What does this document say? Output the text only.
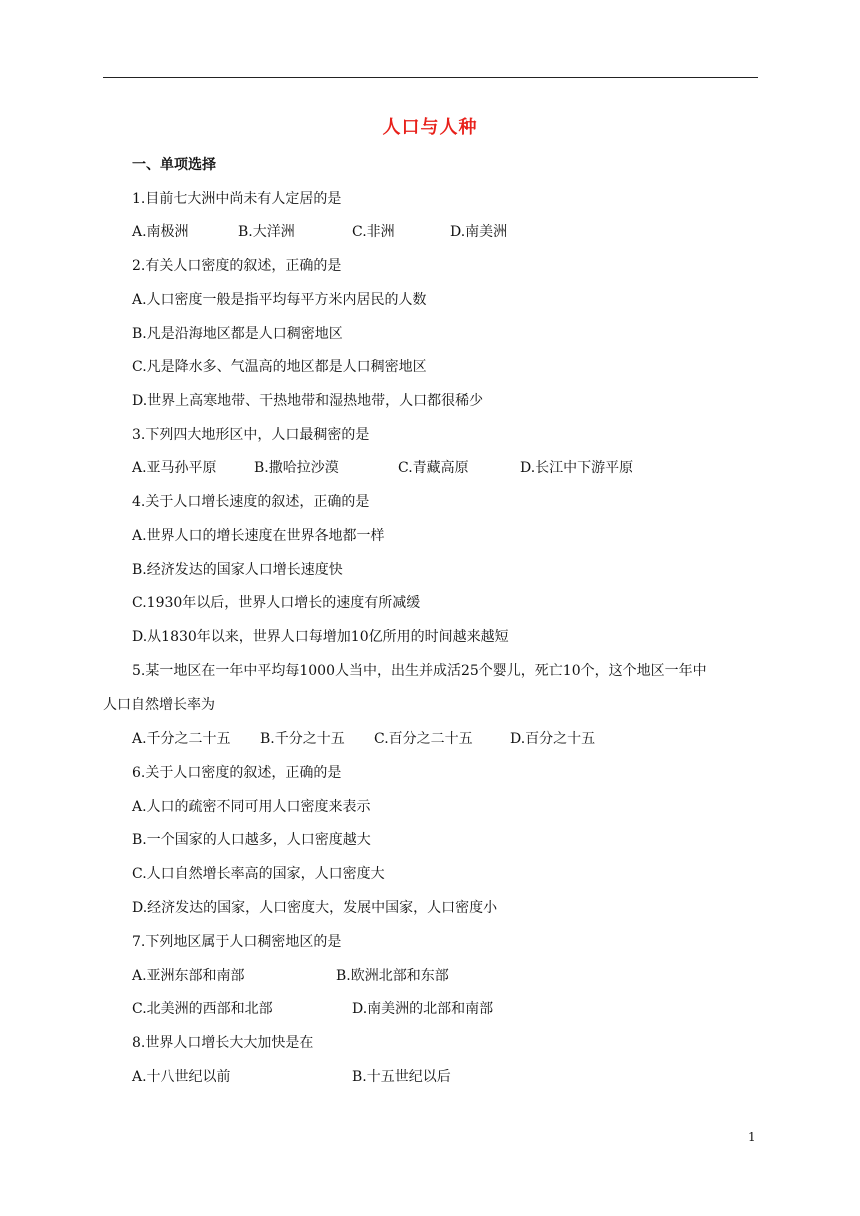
人口与人种
一、单项选择
1.目前七大洲中尚未有人定居的是
A.南极洲	B.大洋洲	C.非洲	D.南美洲
2.有关人口密度的叙述，正确的是
A.人口密度一般是指平均每平方米内居民的人数
B.凡是沿海地区都是人口稠密地区
C.凡是降水多、气温高的地区都是人口稠密地区
D.世界上高寒地带、干热地带和湿热地带，人口都很稀少
3.下列四大地形区中，人口最稠密的是
A.亚马孙平原	B.撒哈拉沙漠	C.青藏高原	D.长江中下游平原
4.关于人口增长速度的叙述，正确的是
A.世界人口的增长速度在世界各地都一样
B.经济发达的国家人口增长速度快
C.1930年以后，世界人口增长的速度有所减缓
D.从1830年以来，世界人口每增加10亿所用的时间越来越短
5.某一地区在一年中平均每1000人当中，出生并成活25个婴儿，死亡10个，这个地区一年中
人口自然增长率为
A.千分之二十五 B.千分之十五 C.百分之二十五	D.百分之十五
6.关于人口密度的叙述，正确的是
A.人口的疏密不同可用人口密度来表示
B.一个国家的人口越多，人口密度越大
C.人口自然增长率高的国家，人口密度大
D.经济发达的国家，人口密度大，发展中国家，人口密度小
7.下列地区属于人口稠密地区的是
A.亚洲东部和南部	B.欧洲北部和东部
C.北美洲的西部和北部	D.南美洲的北部和南部
8.世界人口增长大大加快是在
A.十八世纪以前	B.十五世纪以后
1
